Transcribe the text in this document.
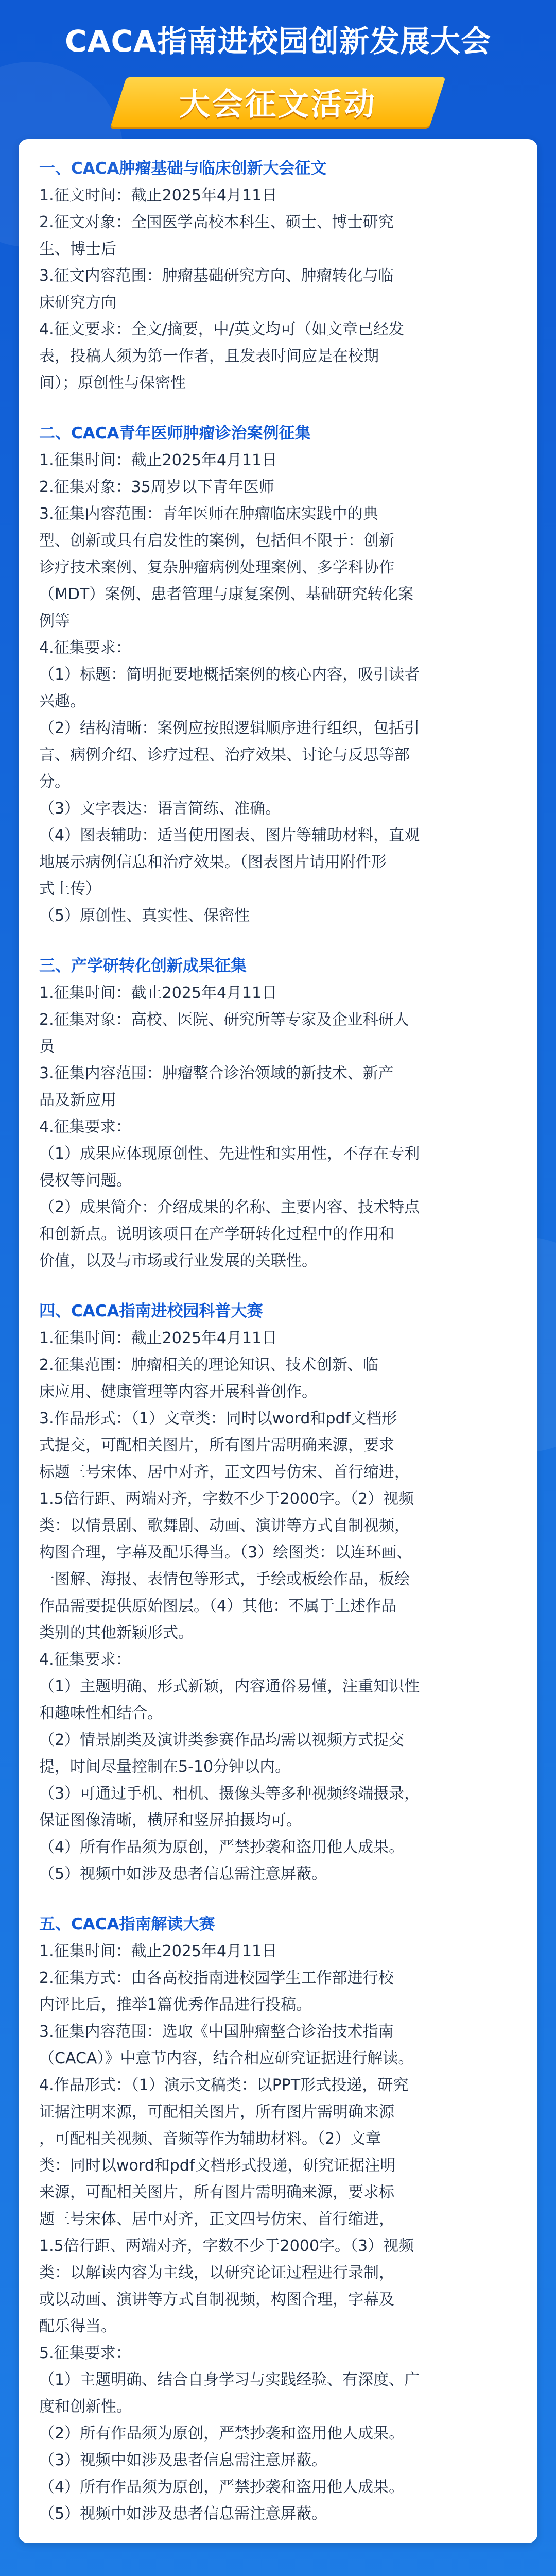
CACA指南进校园创新发展大会
大会征文活动
一、CACA肿瘤基础与临床创新大会征文
1.征文时间：截止2025年4月11日
2.征文对象：全国医学高校本科生、硕士、博士研究
生、博士后
3.征文内容范围：肿瘤基础研究方向、肿瘤转化与临
床研究方向
4.征文要求：全文/摘要，中/英文均可（如文章已经发
表，投稿人须为第一作者，且发表时间应是在校期
间）；原创性与保密性
二、CACA青年医师肿瘤诊治案例征集
1.征集时间：截止2025年4月11日
2.征集对象：35周岁以下青年医师
3.征集内容范围：青年医师在肿瘤临床实践中的典
型、创新或具有启发性的案例，包括但不限于：创新
诊疗技术案例、复杂肿瘤病例处理案例、多学科协作
（MDT）案例、患者管理与康复案例、基础研究转化案
例等
4.征集要求：
（1）标题：简明扼要地概括案例的核心内容，吸引读者
兴趣。
（2）结构清晰：案例应按照逻辑顺序进行组织，包括引
言、病例介绍、诊疗过程、治疗效果、讨论与反思等部
分。
（3）文字表达：语言简练、准确。
（4）图表辅助：适当使用图表、图片等辅助材料，直观
地展示病例信息和治疗效果。（图表图片请用附件形
式上传）
（5）原创性、真实性、保密性
三、产学研转化创新成果征集
1.征集时间：截止2025年4月11日
2.征集对象：高校、医院、研究所等专家及企业科研人
员
3.征集内容范围：肿瘤整合诊治领域的新技术、新产
品及新应用
4.征集要求：
（1）成果应体现原创性、先进性和实用性，不存在专利
侵权等问题。
（2）成果简介：介绍成果的名称、主要内容、技术特点
和创新点。说明该项目在产学研转化过程中的作用和
价值，以及与市场或行业发展的关联性。
四、CACA指南进校园科普大赛
1.征集时间：截止2025年4月11日
2.征集范围：肿瘤相关的理论知识、技术创新、临
床应用、健康管理等内容开展科普创作。
3.作品形式：（1）文章类：同时以word和pdf文档形
式提交，可配相关图片，所有图片需明确来源，要求
标题三号宋体、居中对齐，正文四号仿宋、首行缩进，
1.5倍行距、两端对齐，字数不少于2000字。（2）视频
类：以情景剧、歌舞剧、动画、演讲等方式自制视频，
构图合理，字幕及配乐得当。（3）绘图类：以连环画、
一图解、海报、表情包等形式，手绘或板绘作品，板绘
作品需要提供原始图层。（4）其他：不属于上述作品
类别的其他新颖形式。
4.征集要求：
（1）主题明确、形式新颖，内容通俗易懂，注重知识性
和趣味性相结合。
（2）情景剧类及演讲类参赛作品均需以视频方式提交
提，时间尽量控制在5-10分钟以内。
（3）可通过手机、相机、摄像头等多种视频终端摄录，
保证图像清晰，横屏和竖屏拍摄均可。
（4）所有作品须为原创，严禁抄袭和盗用他人成果。
（5）视频中如涉及患者信息需注意屏蔽。
五、CACA指南解读大赛
1.征集时间：截止2025年4月11日
2.征集方式：由各高校指南进校园学生工作部进行校
内评比后，推举1篇优秀作品进行投稿。
3.征集内容范围：选取《中国肿瘤整合诊治技术指南
（CACA）》中意节内容，结合相应研究证据进行解读。
4.作品形式：（1）演示文稿类：以PPT形式投递，研究
证据注明来源，可配相关图片，所有图片需明确来源
，可配相关视频、音频等作为辅助材料。（2）文章
类：同时以word和pdf文档形式投递，研究证据注明
来源，可配相关图片，所有图片需明确来源，要求标
题三号宋体、居中对齐，正文四号仿宋、首行缩进，
1.5倍行距、两端对齐，字数不少于2000字。（3）视频
类：以解读内容为主线，以研究论证过程进行录制，
或以动画、演讲等方式自制视频，构图合理，字幕及
配乐得当。
5.征集要求：
（1）主题明确、结合自身学习与实践经验、有深度、广
度和创新性。
（2）所有作品须为原创，严禁抄袭和盗用他人成果。
（3）视频中如涉及患者信息需注意屏蔽。
（4）所有作品须为原创，严禁抄袭和盗用他人成果。
（5）视频中如涉及患者信息需注意屏蔽。
